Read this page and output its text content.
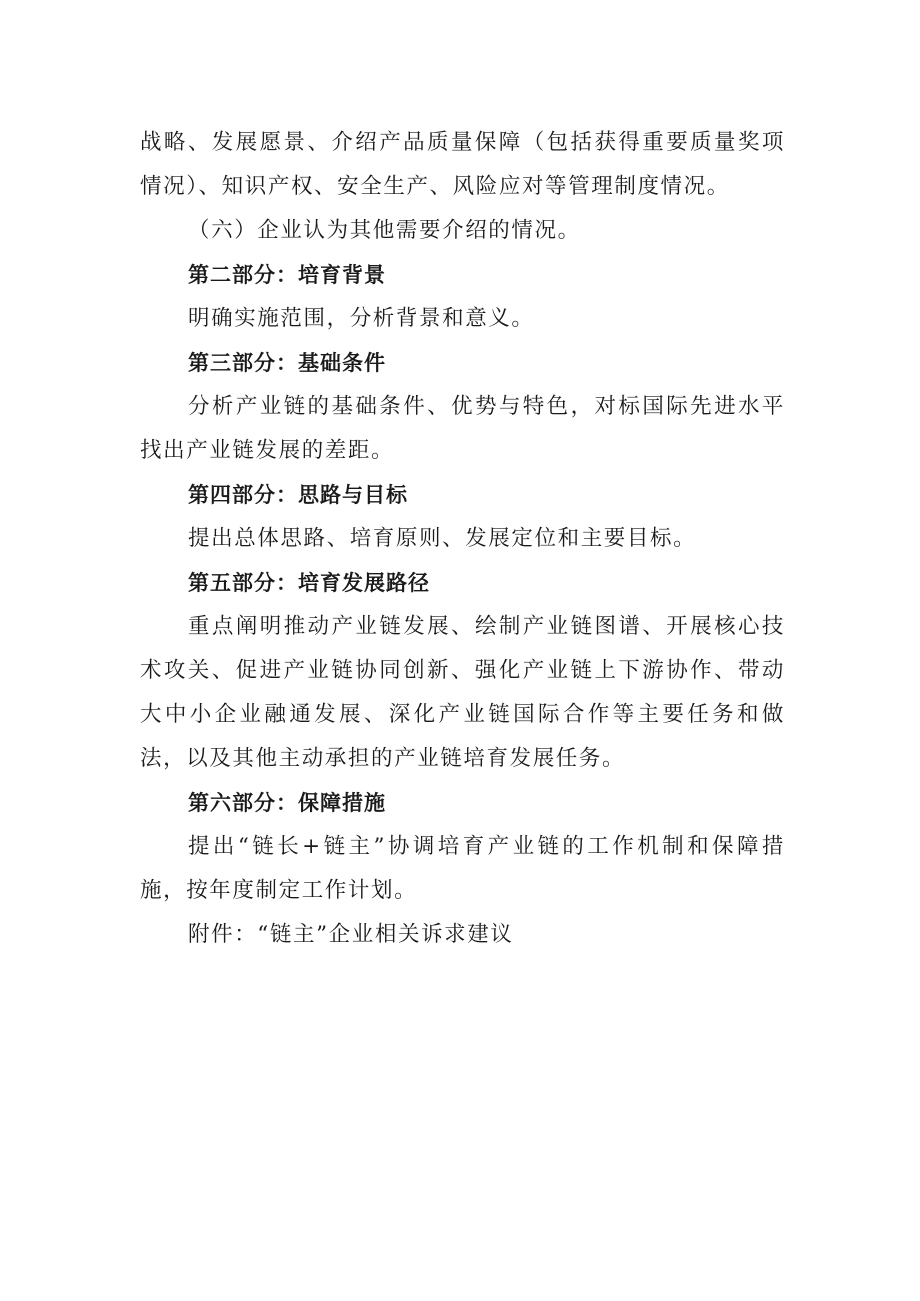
战略、发展愿景、介绍产品质量保障（包括获得重要质量奖项情况）、知识产权、安全生产、风险应对等管理制度情况。

（六）企业认为其他需要介绍的情况。

第二部分：培育背景

明确实施范围，分析背景和意义。

第三部分：基础条件

分析产业链的基础条件、优势与特色，对标国际先进水平找出产业链发展的差距。

第四部分：思路与目标

提出总体思路、培育原则、发展定位和主要目标。

第五部分：培育发展路径

重点阐明推动产业链发展、绘制产业链图谱、开展核心技术攻关、促进产业链协同创新、强化产业链上下游协作、带动大中小企业融通发展、深化产业链国际合作等主要任务和做法，以及其他主动承担的产业链培育发展任务。

第六部分：保障措施

提出“链长+链主”协调培育产业链的工作机制和保障措施，按年度制定工作计划。

附件：“链主”企业相关诉求建议
